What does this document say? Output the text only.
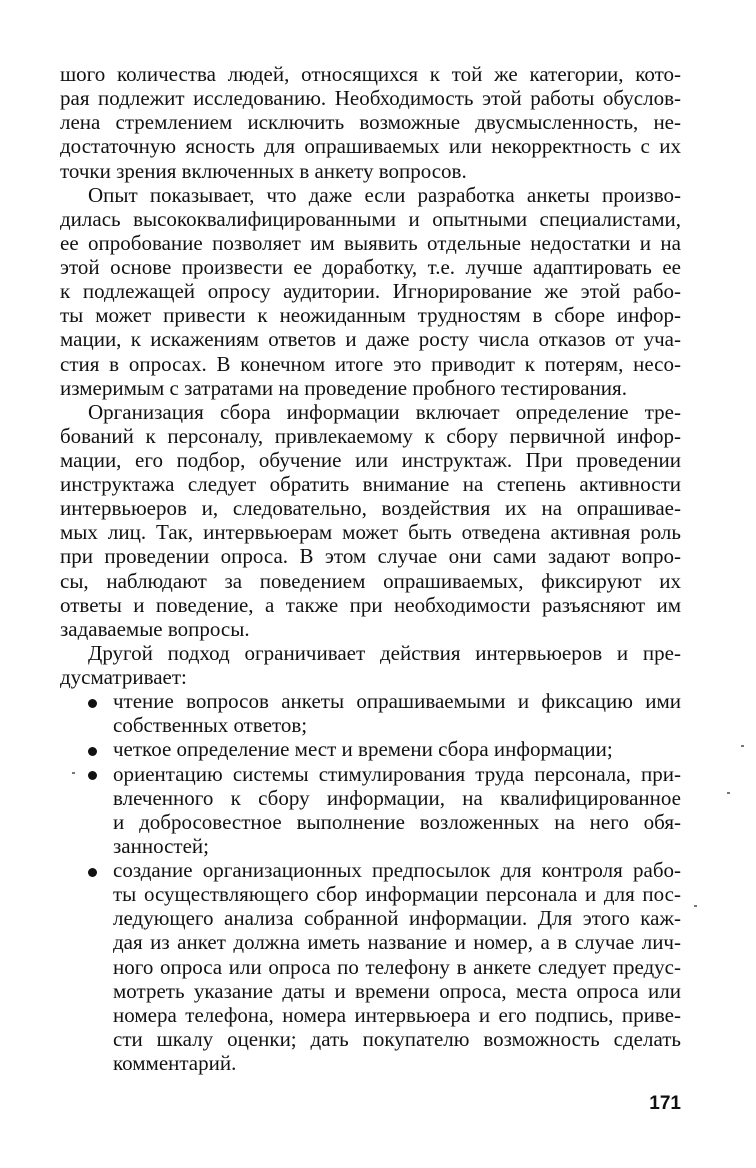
шого количества людей, относящихся к той же категории, кото-
рая подлежит исследованию. Необходимость этой работы обуслов-
лена стремлением исключить возможные двусмысленность, не-
достаточную ясность для опрашиваемых или некорректность с их
точки зрения включенных в анкету вопросов.
Опыт показывает, что даже если разработка анкеты произво-
дилась высококвалифицированными и опытными специалистами,
ее опробование позволяет им выявить отдельные недостатки и на
этой основе произвести ее доработку, т.е. лучше адаптировать ее
к подлежащей опросу аудитории. Игнорирование же этой рабо-
ты может привести к неожиданным трудностям в сборе инфор-
мации, к искажениям ответов и даже росту числа отказов от уча-
стия в опросах. В конечном итоге это приводит к потерям, несо-
измеримым с затратами на проведение пробного тестирования.
Организация сбора информации включает определение тре-
бований к персоналу, привлекаемому к сбору первичной инфор-
мации, его подбор, обучение или инструктаж. При проведении
инструктажа следует обратить внимание на степень активности
интервьюеров и, следовательно, воздействия их на опрашивае-
мых лиц. Так, интервьюерам может быть отведена активная роль
при проведении опроса. В этом случае они сами задают вопро-
сы, наблюдают за поведением опрашиваемых, фиксируют их
ответы и поведение, а также при необходимости разъясняют им
задаваемые вопросы.
Другой подход ограничивает действия интервьюеров и пре-
дусматривает:
чтение вопросов анкеты опрашиваемыми и фиксацию ими
собственных ответов;
четкое определение мест и времени сбора информации;
ориентацию системы стимулирования труда персонала, при-
влеченного к сбору информации, на квалифицированное
и добросовестное выполнение возложенных на него обя-
занностей;
создание организационных предпосылок для контроля рабо-
ты осуществляющего сбор информации персонала и для пос-
ледующего анализа собранной информации. Для этого каж-
дая из анкет должна иметь название и номер, а в случае лич-
ного опроса или опроса по телефону в анкете следует предус-
мотреть указание даты и времени опроса, места опроса или
номера телефона, номера интервьюера и его подпись, приве-
сти шкалу оценки; дать покупателю возможность сделать
комментарий.
171
